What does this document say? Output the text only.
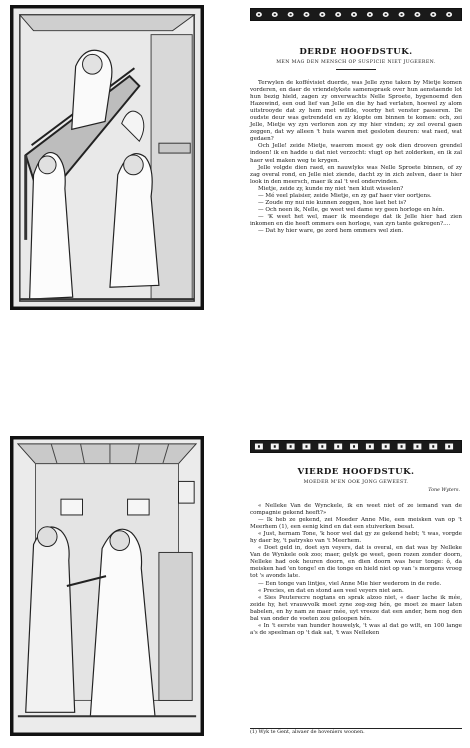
DERDE HOOFDSTUK.

MEN MAG DEN MENSCH OP SUSPICIE NIET JUGEEREN.

Terwylen de koffévisiet duerde, was Jelle zyne taken by Mietje komen vorderen, en daer de vriendelykste samenspraek over hun aenstaende lot hun bezig hield, zagen zy onverwachts Nelle Sproete, bygenoemd den Hazewind, een oud lief van Jelle en die hy had verlaten, hoewel zy alom uitstrooyde dat zy hem met willde, voorby het venster passeren. De oudste deur was getrendeld en zy klopte om binnen te komen: och, zei Jelle, Mietje wy zyn verloren zon zy my hier vinden; zy zel overal gaen zeggen, dat wy alleen 't huis waren met gesloten deuren: wat raed, wat gedaen?

Och Jelle! zeide Mietje, waerom moest gy ook dien drooven grendel indoen! ik en hadde u dat niet verzocht: vlugt op het zolderken, en ik zal haer wel maken weg te krygen.

Jelle volgde dien raed, en nauwlyks was Nelle Sproete binnen, of zy zag overal rond, en Jelle niet ziende, dacht zy in zich zelven, daer is hier look in den meersch, maer ik zal 't wel ondervinden.

Mietje, zeide zy, kunde my niet 'nen kluit wisselen?

— Mé veel plaisier, zeide Mietje, en zy gaf haer vier oortjens.

— Zoude my nui nie kunnen zeggen, hoe laet het is?

— Och neen ik, Nelle, ge weet wel dame wy geen horloge en hén.

— 'K weet het wel, maer ik meendege dat ik Jelle hier had zien inkomen en die heeft ommers een horloge, van zyn tante gekregen?....

— Dat hy hier ware, ge zord hem ommers wel zien.

VIERDE HOOFDSTUK.

MOEDER M'EN OOK JONG GEWEEST.

Tone Wyters.

« Nelleke Van de Wynckele, ik en weet niet of ze iemand van de compagnie gekend heeft?»

— Ik heb ze gekend, zei Moeder Anne Mie, een meisken van op 't Meerhem (1), een eenig kind en dat een stuiverken besat.

« Just, hernam Tone, 'k hoor wel dat gy ze gekend hebt; 't was, vorgde hy daer by, 't patrysko van 't Meerhem.

« Doet geld in, doet syn veyers, dat is overal, en dat was by Nelleke Van de Wynkele ook zoo; maer, gelyk ge weet, geen rozen zonder doorn, Nelleke had ook heuren doorn, en dien doorn was heur tonge: ô, da meisken had 'en tonge! en die tonge en hield niet op van 's morgens vroeg tot 's avonds late.

— Een tonge van lintjes, viel Anne Mie hier wederom in de rede.

« Precies, en dat en stond aen veel veyers niet aen.

« Sies Peuterecre nogtans en sprak alzoo niet, « daer lache ik mée, zeide hy, het vrauwvolk moet zyne zeg-zeg hén, ge moet ze maer laten babelen, en hy nam ze maer mée, uyt vreeze dat een ander, hem nog den bal van onder de voeten zou geloopen hén.

« In 't eerste van hunder houwelyk, 't was al dat go wilt, en 100 lange a's de speelman op 't dak sat, 't was Nelleken

(1) Wyk te Gent, alwaer de hoveniers woonen.
